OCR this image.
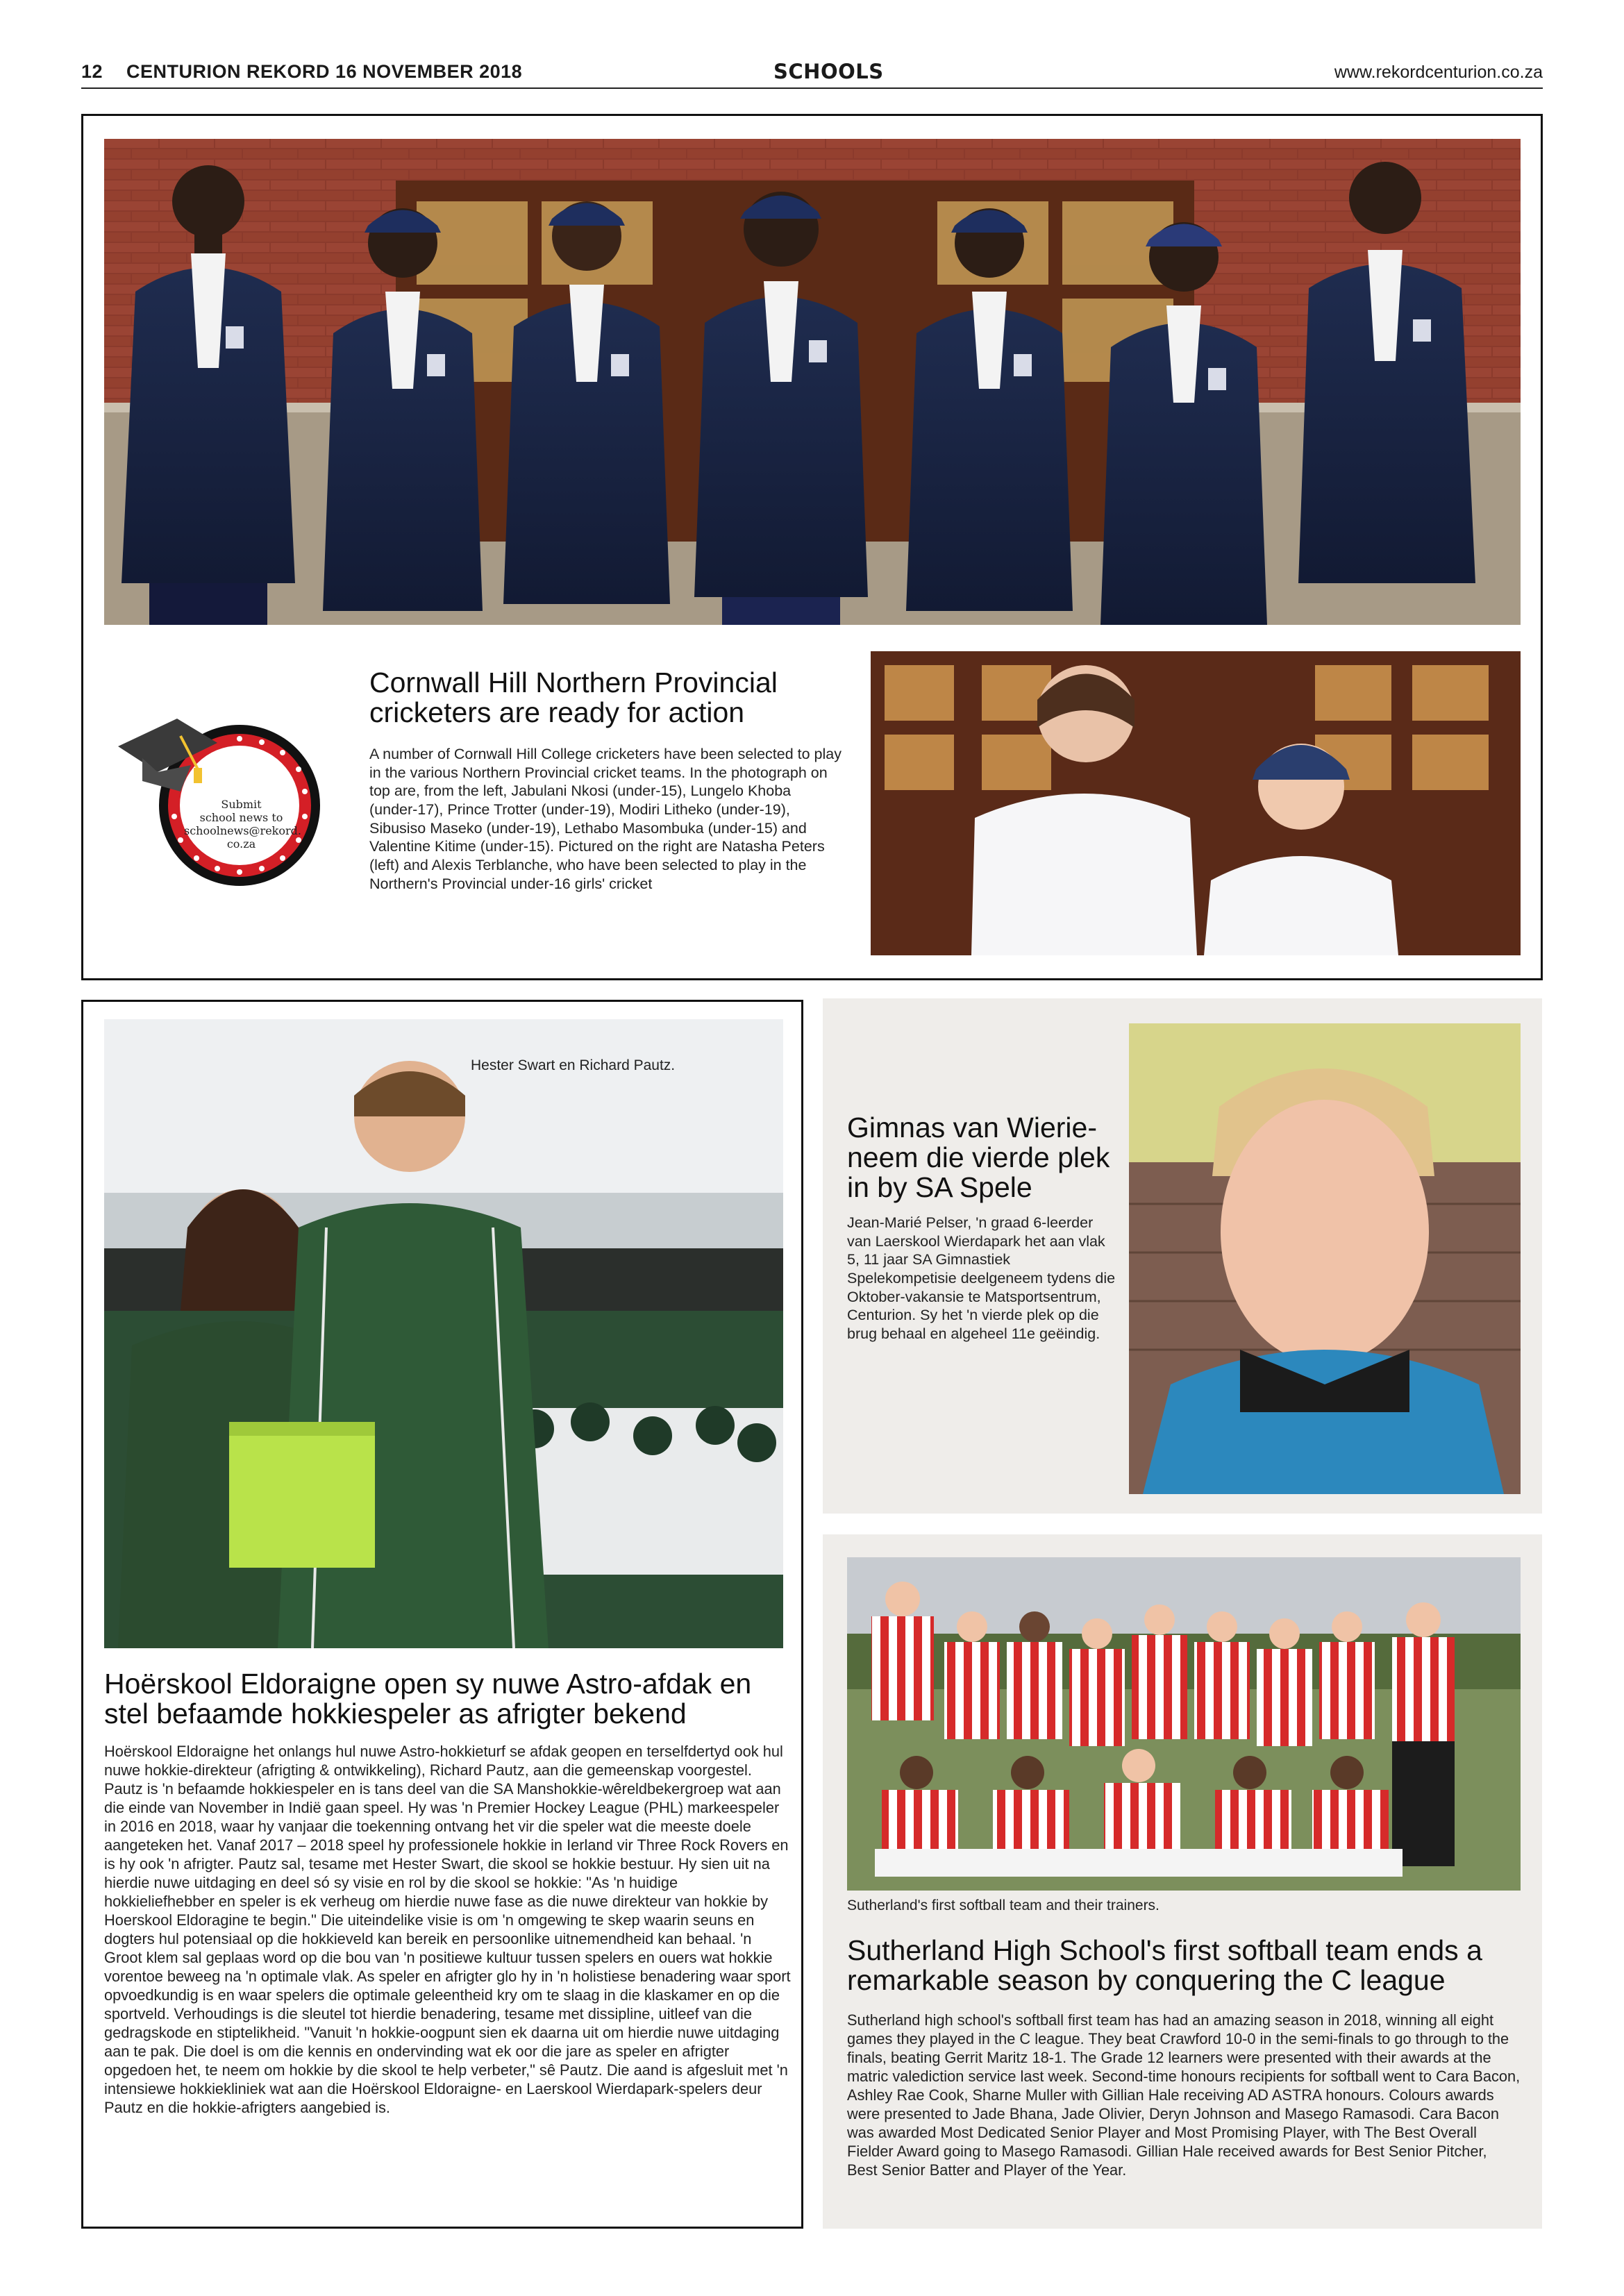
12 CENTURION REKORD 16 NOVEMBER 2018	SCHOOLS	www.rekordcenturion.co.za
Submit
school news to
schoolnews@rekord.
co.za
Cornwall Hill Northern Provincial cricketers are ready for action
A number of Cornwall Hill College cricketers have been selected to play in the various Northern Provincial cricket teams. In the photograph on top are, from the left, Jabulani Nkosi (under-15), Lungelo Khoba (under-17), Prince Trotter (under-19), Modiri Litheko (under-19), Sibusiso Maseko (under-19), Lethabo Masombuka (under-15) and Valentine Kitime (under-15). Pictured on the right are Natasha Peters (left) and Alexis Terblanche, who have been selected to play in the Northern's Provincial under-16 girls' cricket
Hester Swart en Richard Pautz.
Hoërskool Eldoraigne open sy nuwe Astro-afdak en stel befaamde hokkiespeler as afrigter bekend
Hoërskool Eldoraigne het onlangs hul nuwe Astro-hokkieturf se afdak geopen en terselfdertyd ook hul nuwe hokkie-direkteur (afrigting & ontwikkeling), Richard Pautz, aan die gemeenskap voorgestel. Pautz is 'n befaamde hokkiespeler en is tans deel van die SA Manshokkie-wêreldbekergroep wat aan die einde van November in Indië gaan speel. Hy was 'n Premier Hockey League (PHL) markeespeler in 2016 en 2018, waar hy vanjaar die toekenning ontvang het vir die speler wat die meeste doele aangeteken het. Vanaf 2017 – 2018 speel hy professionele hokkie in Ierland vir Three Rock Rovers en is hy ook 'n afrigter. Pautz sal, tesame met Hester Swart, die skool se hokkie bestuur. Hy sien uit na hierdie nuwe uitdaging en deel só sy visie en rol by die skool se hokkie: "As 'n huidige hokkieliefhebber en speler is ek verheug om hierdie nuwe fase as die nuwe direkteur van hokkie by Hoerskool Eldoragine te begin." Die uiteindelike visie is om 'n omgewing te skep waarin seuns en dogters hul potensiaal op die hokkieveld kan bereik en persoonlike uitnemendheid kan behaal. 'n Groot klem sal geplaas word op die bou van 'n positiewe kultuur tussen spelers en ouers wat hokkie vorentoe beweeg na 'n optimale vlak. As speler en afrigter glo hy in 'n holistiese benadering waar sport opvoedkundig is en waar spelers die optimale geleentheid kry om te slaag in die klaskamer en op die sportveld. Verhoudings is die sleutel tot hierdie benadering, tesame met dissipline, uitleef van die gedragskode en stiptelikheid. "Vanuit 'n hokkie-oogpunt sien ek daarna uit om hierdie nuwe uitdaging aan te pak. Die doel is om die kennis en ondervinding wat ek oor die jare as speler en afrigter opgedoen het, te neem om hokkie by die skool te help verbeter," sê Pautz. Die aand is afgesluit met 'n intensiewe hokkiekliniek wat aan die Hoërskool Eldoraigne- en Laerskool Wierdapark-spelers deur Pautz en die hokkie-afrigters aangebied is.
Gimnas van Wierie-neem die vierde plek in by SA Spele
Jean-Marié Pelser, 'n graad 6-leerder van Laerskool Wierdapark het aan vlak 5, 11 jaar SA Gimnastiek Spelekompetisie deelgeneem tydens die Oktober-vakansie te Matsportsentrum, Centurion. Sy het 'n vierde plek op die brug behaal en algeheel 11e geëindig.
Sutherland's first softball team and their trainers.
Sutherland High School's first softball team ends a remarkable season by conquering the C league
Sutherland high school's softball first team has had an amazing season in 2018, winning all eight games they played in the C league. They beat Crawford 10-0 in the semi-finals to go through to the finals, beating Gerrit Maritz 18-1. The Grade 12 learners were presented with their awards at the matric valediction service last week. Second-time honours recipients for softball went to Cara Bacon, Ashley Rae Cook, Sharne Muller with Gillian Hale receiving AD ASTRA honours. Colours awards were presented to Jade Bhana, Jade Olivier, Deryn Johnson and Masego Ramasodi. Cara Bacon was awarded Most Dedicated Senior Player and Most Promising Player, with The Best Overall Fielder Award going to Masego Ramasodi. Gillian Hale received awards for Best Senior Pitcher, Best Senior Batter and Player of the Year.
